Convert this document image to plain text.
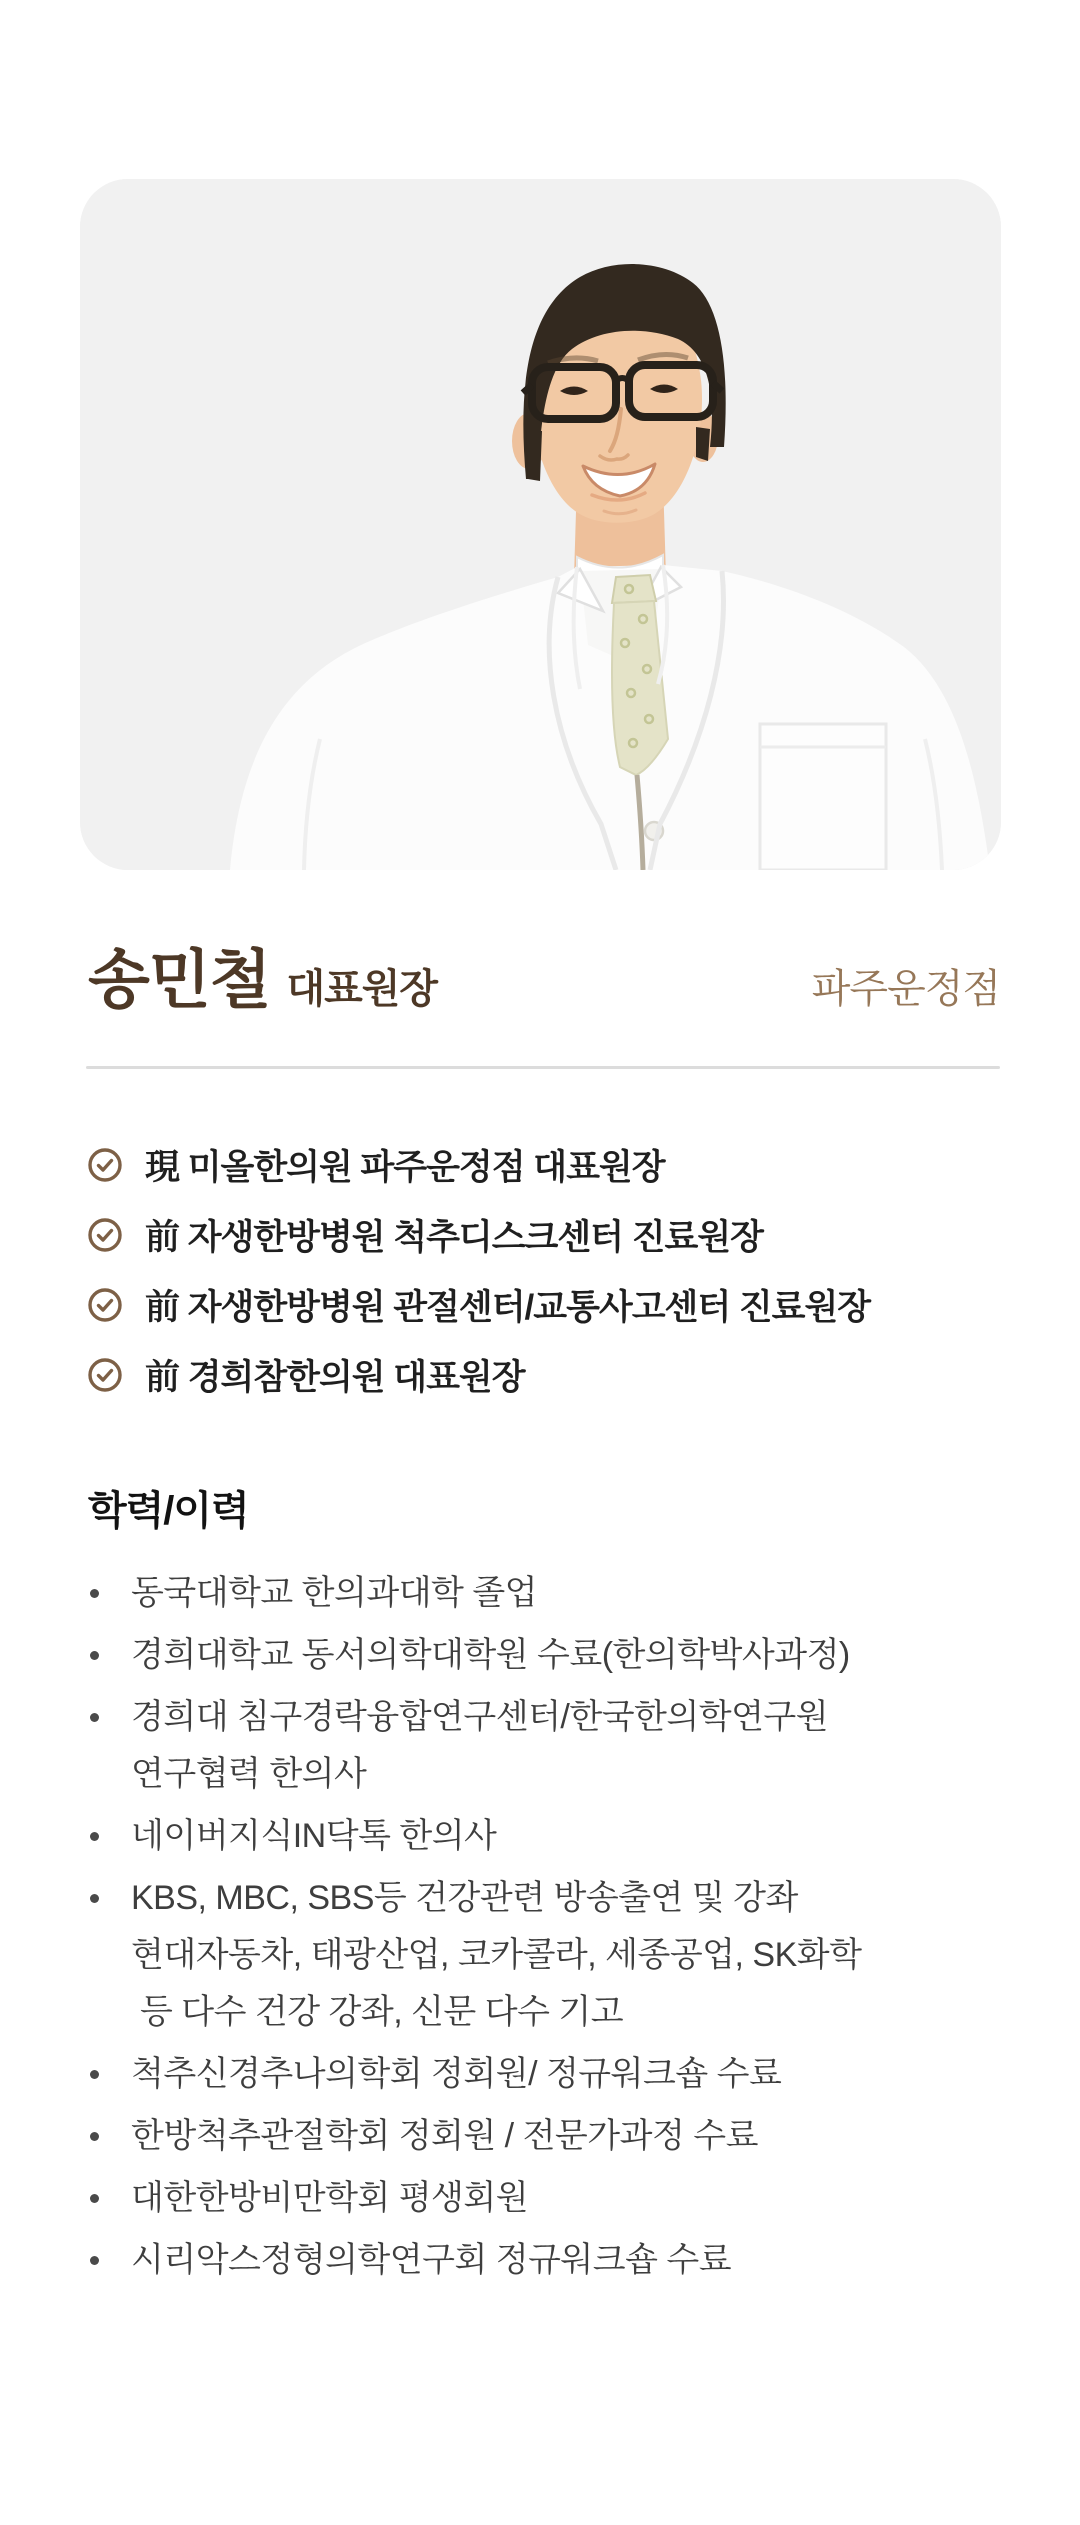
송민철 대표원장	파주운정점
現 미올한의원 파주운정점 대표원장
前 자생한방병원 척추디스크센터 진료원장
前 자생한방병원 관절센터/교통사고센터 진료원장
前 경희참한의원 대표원장
학력/이력
동국대학교 한의과대학 졸업
경희대학교 동서의학대학원 수료(한의학박사과정)
경희대 침구경락융합연구센터/한국한의학연구원
연구협력 한의사
네이버지식IN닥톡 한의사
KBS, MBC, SBS등 건강관련 방송출연 및 강좌
현대자동차, 태광산업, 코카콜라, 세종공업, SK화학
등 다수 건강 강좌, 신문 다수 기고
척추신경추나의학회 정회원/ 정규워크숍 수료
한방척추관절학회 정회원 / 전문가과정 수료
대한한방비만학회 평생회원
시리악스정형의학연구회 정규워크숍 수료
